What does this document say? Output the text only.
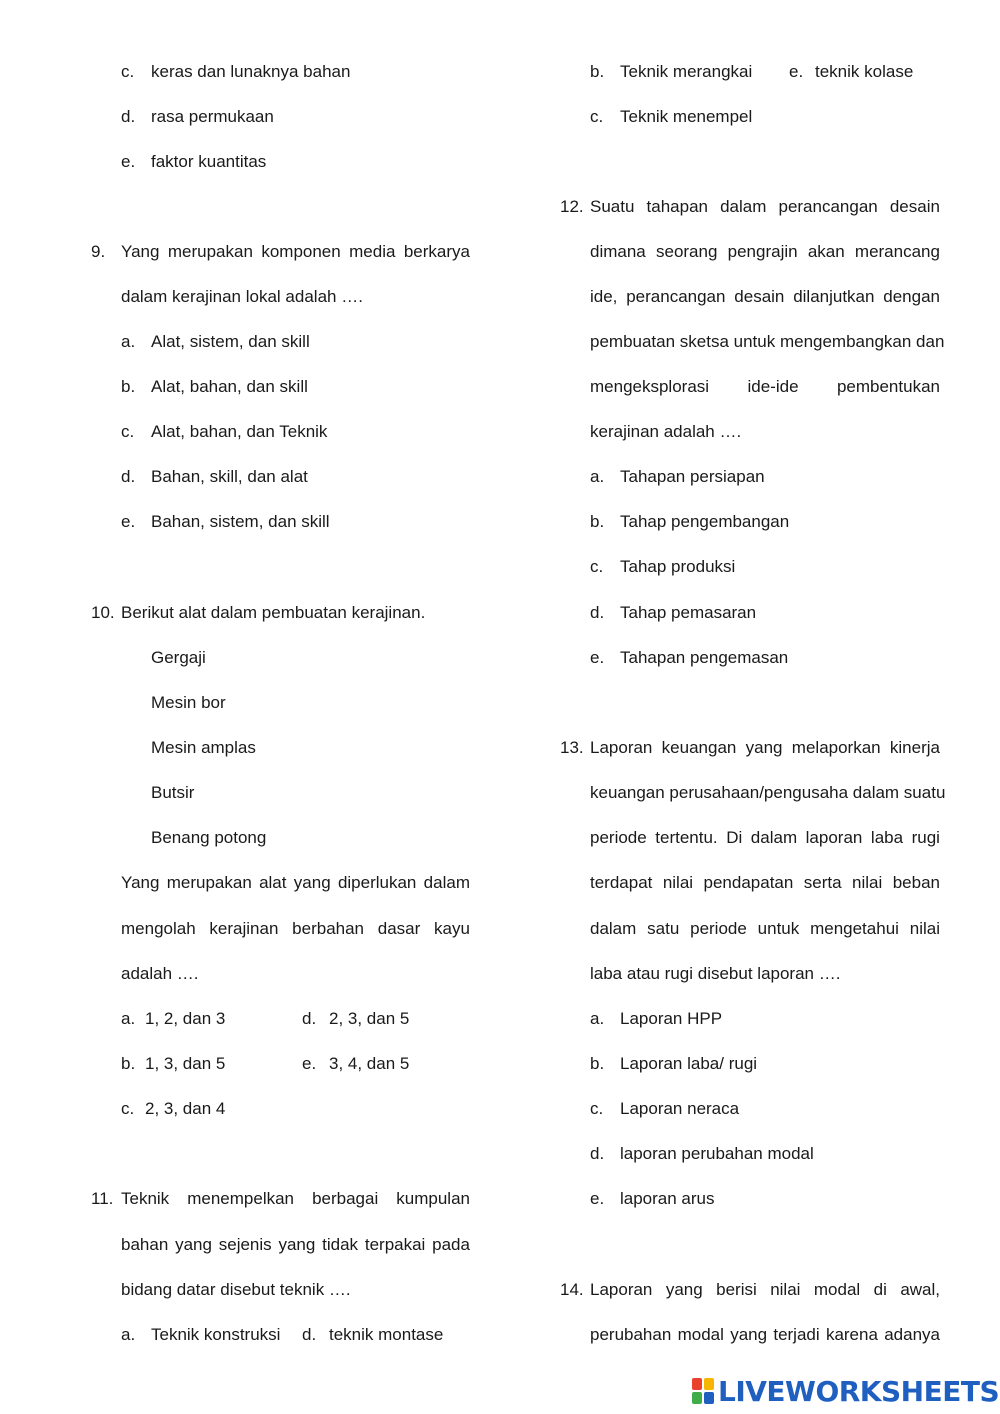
c. keras dan lunaknya bahan
d. rasa permukaan
e. faktor kuantitas
9. Yang merupakan komponen media berkarya
dalam kerajinan lokal adalah ….
a. Alat, sistem, dan skill
b. Alat, bahan, dan skill
c. Alat, bahan, dan Teknik
d. Bahan, skill, dan alat
e. Bahan, sistem, dan skill
10. Berikut alat dalam pembuatan kerajinan.
Gergaji
Mesin bor
Mesin amplas
Butsir
Benang potong
Yang merupakan alat yang diperlukan dalam
mengolah kerajinan berbahan dasar kayu
adalah ….
a. 1, 2, dan 3	d. 2, 3, dan 5
b. 1, 3, dan 5	e. 3, 4, dan 5
c. 2, 3, dan 4
11. Teknik menempelkan berbagai kumpulan
bahan yang sejenis yang tidak terpakai pada
bidang datar disebut teknik ….
a. Teknik konstruksi d. teknik montase
b. Teknik merangkai e. teknik kolase
c. Teknik menempel
12. Suatu tahapan dalam perancangan desain
dimana seorang pengrajin akan merancang
ide, perancangan desain dilanjutkan dengan
pembuatan sketsa untuk mengembangkan dan
mengeksplorasi ide-ide pembentukan
kerajinan adalah ….
a. Tahapan persiapan
b. Tahap pengembangan
c. Tahap produksi
d. Tahap pemasaran
e. Tahapan pengemasan
13. Laporan keuangan yang melaporkan kinerja
keuangan perusahaan/pengusaha dalam suatu
periode tertentu. Di dalam laporan laba rugi
terdapat nilai pendapatan serta nilai beban
dalam satu periode untuk mengetahui nilai
laba atau rugi disebut laporan ….
a. Laporan HPP
b. Laporan laba/ rugi
c. Laporan neraca
d. laporan perubahan modal
e. laporan arus
14. Laporan yang berisi nilai modal di awal,
perubahan modal yang terjadi karena adanya
LIVEWORKSHEETS
